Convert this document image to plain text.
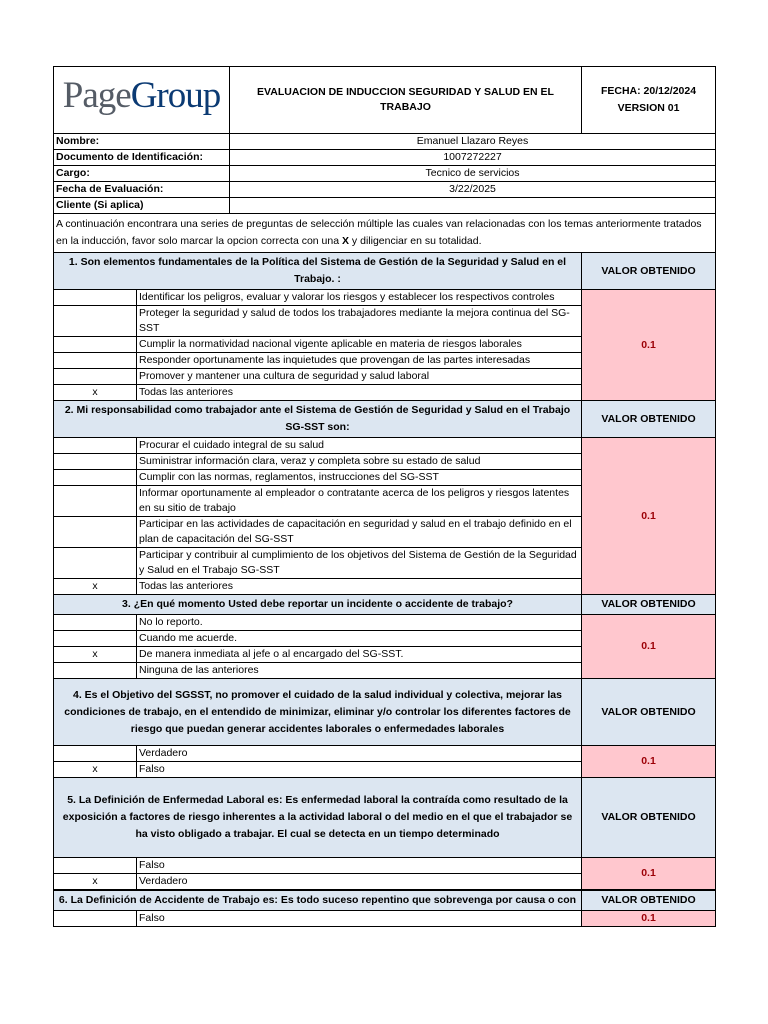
PageGroup		EVALUACION DE INDUCCION SEGURIDAD Y SALUD EN EL TRABAJO	FECHA: 20/12/2024
VERSION 01

Nombre:		Emanuel Llazaro Reyes	
Documento de Identificación:		1007272227	
Cargo:		Tecnico de servicios	
Fecha de Evaluación:		3/22/2025	
Cliente (Si aplica)			
A continuación encontrara una series de preguntas de selección múltiple las cuales van relacionadas con los temas anteriormente tratados en la inducción, favor solo marcar la opcion correcta con una X y diligenciar en su totalidad.			
1. Son elementos fundamentales de la Política del Sistema de Gestión de la Seguridad y Salud en el Trabajo. :			VALOR OBTENIDO
	Identificar los peligros, evaluar y valorar los riesgos y establecer los respectivos controles		0.1
	Proteger la seguridad y salud de todos los trabajadores mediante la mejora continua del SG-SST		
	Cumplir la normatividad nacional vigente aplicable en materia de riesgos laborales		
	Responder oportunamente las inquietudes que provengan de las partes interesadas		
	Promover y mantener una cultura de seguridad y salud laboral		
x	Todas las anteriores		
2. Mi responsabilidad como trabajador ante el Sistema de Gestión de Seguridad y Salud en el Trabajo SG-SST son:			VALOR OBTENIDO
	Procurar el cuidado integral de su salud		0.1
	Suministrar información clara, veraz y completa sobre su estado de salud		
	Cumplir con las normas, reglamentos, instrucciones del SG-SST		
	Informar oportunamente al empleador o contratante acerca de los peligros y riesgos latentes en su sitio de trabajo		
	Participar en las actividades de capacitación en seguridad y salud en el trabajo definido en el plan de capacitación del SG-SST		
	Participar y contribuir al cumplimiento de los objetivos del Sistema de Gestión de la Seguridad y Salud en el Trabajo SG-SST		
x	Todas las anteriores		
3. ¿En qué momento Usted debe reportar un incidente o accidente de trabajo?			VALOR OBTENIDO
	No lo reporto.		0.1
	Cuando me acuerde.		
x	De manera inmediata al jefe o al encargado del SG-SST.		
	Ninguna de las anteriores		
4. Es el Objetivo del SGSST, no promover el cuidado de la salud individual y colectiva, mejorar las condiciones de trabajo, en el entendido de minimizar, eliminar y/o controlar los diferentes factores de riesgo que puedan generar accidentes laborales o enfermedades laborales			VALOR OBTENIDO
	Verdadero		0.1
x	Falso		
5. La Definición de Enfermedad Laboral es: Es enfermedad laboral la contraída como resultado de la exposición a factores de riesgo inherentes a la actividad laboral o del medio en el que el trabajador se ha visto obligado a trabajar. El cual se detecta en un tiempo determinado			VALOR OBTENIDO
	Falso		0.1
x	Verdadero		
6. La Definición de Accidente de Trabajo es: Es todo suceso repentino que sobrevenga por causa o con			VALOR OBTENIDO
	Falso		0.1
